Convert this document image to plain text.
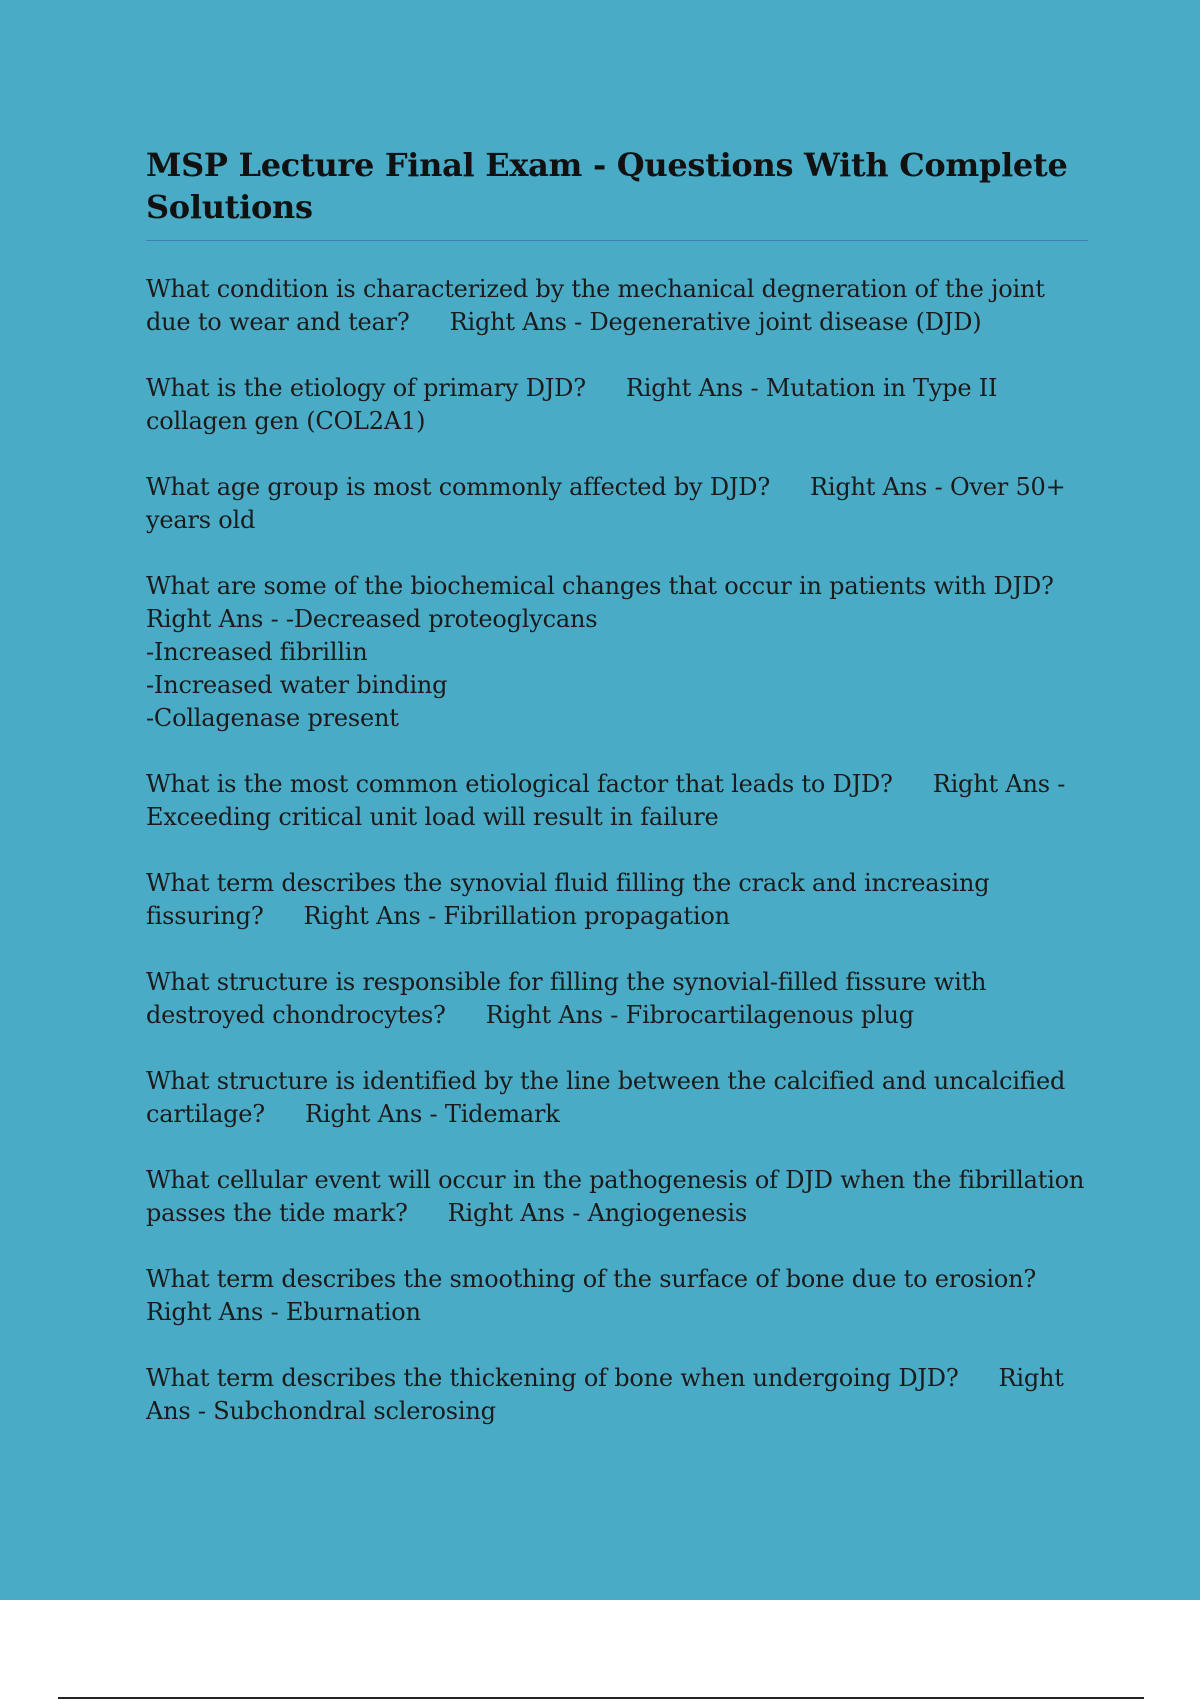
MSP Lecture Final Exam - Questions With Complete Solutions

What condition is characterized by the mechanical degneration of the joint due to wear and tear? Right Ans - Degenerative joint disease (DJD)

What is the etiology of primary DJD? Right Ans - Mutation in Type II collagen gen (COL2A1)

What age group is most commonly affected by DJD? Right Ans - Over 50+ years old

What are some of the biochemical changes that occur in patients with DJD?
Right Ans - -Decreased proteoglycans
-Increased fibrillin
-Increased water binding
-Collagenase present

What is the most common etiological factor that leads to DJD? Right Ans - Exceeding critical unit load will result in failure

What term describes the synovial fluid filling the crack and increasing fissuring? Right Ans - Fibrillation propagation

What structure is responsible for filling the synovial-filled fissure with destroyed chondrocytes? Right Ans - Fibrocartilagenous plug

What structure is identified by the line between the calcified and uncalcified cartilage? Right Ans - Tidemark

What cellular event will occur in the pathogenesis of DJD when the fibrillation passes the tide mark? Right Ans - Angiogenesis

What term describes the smoothing of the surface of bone due to erosion?
Right Ans - Eburnation

What term describes the thickening of bone when undergoing DJD? Right Ans - Subchondral sclerosing
